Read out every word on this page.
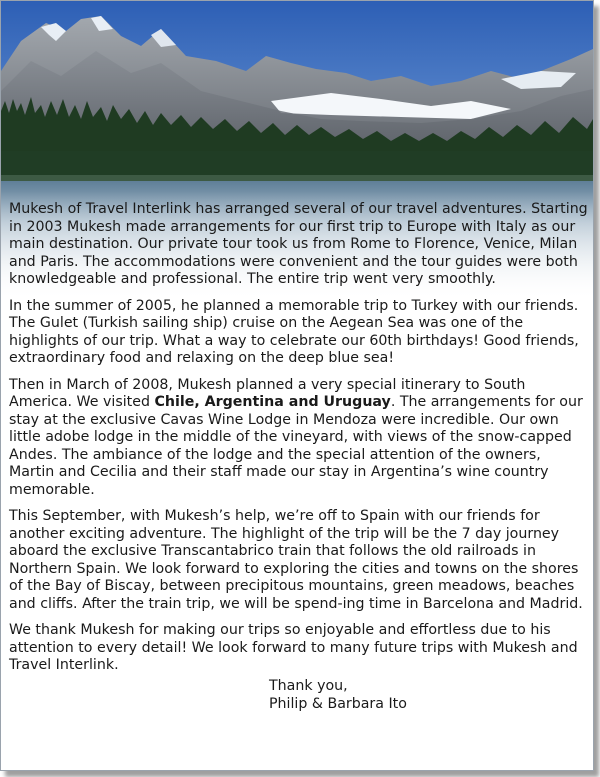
Mukesh of Travel Interlink has arranged several of our travel adventures. Starting in 2003 Mukesh made arrangements for our first trip to Europe with Italy as our main destination. Our private tour took us from Rome to Florence, Venice, Milan and Paris. The accommodations were convenient and the tour guides were both knowledgeable and professional. The entire trip went very smoothly.

In the summer of 2005, he planned a memorable trip to Turkey with our friends. The Gulet (Turkish sailing ship) cruise on the Aegean Sea was one of the highlights of our trip. What a way to celebrate our 60th birthdays! Good friends, extraordinary food and relaxing on the deep blue sea!

Then in March of 2008, Mukesh planned a very special itinerary to South America. We visited Chile, Argentina and Uruguay. The arrangements for our stay at the exclusive Cavas Wine Lodge in Mendoza were incredible. Our own little adobe lodge in the middle of the vineyard, with views of the snow-capped Andes. The ambiance of the lodge and the special attention of the owners, Martin and Cecilia and their staff made our stay in Argentina’s wine country memorable.

This September, with Mukesh’s help, we’re off to Spain with our friends for another exciting adventure. The highlight of the trip will be the 7 day journey aboard the exclusive Transcantabrico train that follows the old railroads in Northern Spain. We look forward to exploring the cities and towns on the shores of the Bay of Biscay, between precipitous mountains, green meadows, beaches and cliffs. After the train trip, we will be spend-ing time in Barcelona and Madrid.

We thank Mukesh for making our trips so enjoyable and effortless due to his attention to every detail! We look forward to many future trips with Mukesh and Travel Interlink.

Thank you,
Philip & Barbara Ito
